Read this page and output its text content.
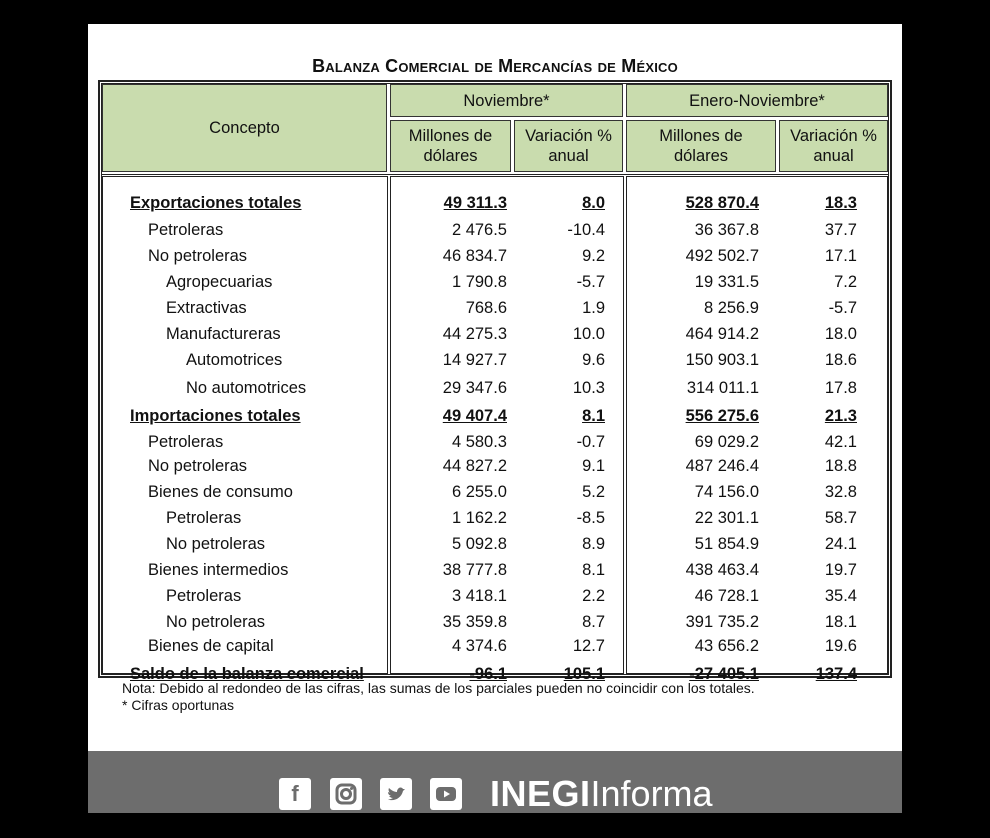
Balanza Comercial de Mercancías de México
Concepto
Noviembre*	Enero-Noviembre*
Millones de dólares
Variación % anual
Millones de dólares
Variación % anual
Exportaciones totales	49 311.3	8.0	528 870.4	18.3
Petroleras	2 476.5	-10.4	36 367.8	37.7
No petroleras	46 834.7	9.2	492 502.7	17.1
Agropecuarias	1 790.8	-5.7	19 331.5	7.2
Extractivas	768.6	1.9	8 256.9	-5.7
Manufactureras	44 275.3	10.0	464 914.2	18.0
Automotrices	14 927.7	9.6	150 903.1	18.6
No automotrices	29 347.6	10.3	314 011.1	17.8
Importaciones totales	49 407.4	8.1	556 275.6	21.3
Petroleras	4 580.3	-0.7	69 029.2	42.1
No petroleras	44 827.2	9.1	487 246.4	18.8
Bienes de consumo	6 255.0	5.2	74 156.0	32.8
Petroleras	1 162.2	-8.5	22 301.1	58.7
No petroleras	5 092.8	8.9	51 854.9	24.1
Bienes intermedios	38 777.8	8.1	438 463.4	19.7
Petroleras	3 418.1	2.2	46 728.1	35.4
No petroleras	35 359.8	8.7	391 735.2	18.1
Bienes de capital	4 374.6	12.7	43 656.2	19.6
Saldo de la balanza comercial	-96.1	105.1	-27 405.1	137.4
Nota: Debido al redondeo de las cifras, las sumas de los parciales pueden no coincidir con los totales.
* Cifras oportunas
f	INEGIInforma
